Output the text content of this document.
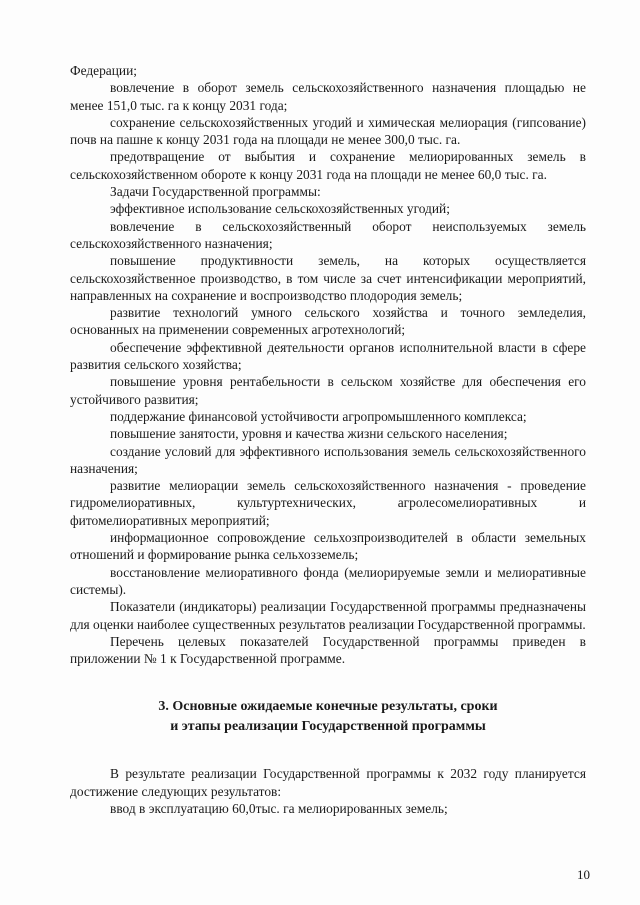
Федерации;

вовлечение в оборот земель сельскохозяйственного назначения площадью не менее 151,0 тыс. га к концу 2031 года;

сохранение сельскохозяйственных угодий и химическая мелиорация (гипсование) почв на пашне к концу 2031 года на площади не менее 300,0 тыс. га.

предотвращение от выбытия и сохранение мелиорированных земель в сельскохозяйственном обороте к концу 2031 года на площади не менее 60,0 тыс. га.

Задачи Государственной программы:

эффективное использование сельскохозяйственных угодий;

вовлечение в сельскохозяйственный оборот неиспользуемых земель сельскохозяйственного назначения;

повышение продуктивности земель, на которых осуществляется сельскохозяйственное производство, в том числе за счет интенсификации мероприятий, направленных на сохранение и воспроизводство плодородия земель;

развитие технологий умного сельского хозяйства и точного земледелия, основанных на применении современных агротехнологий;

обеспечение эффективной деятельности органов исполнительной власти в сфере развития сельского хозяйства;

повышение уровня рентабельности в сельском хозяйстве для обеспечения его устойчивого развития;

поддержание финансовой устойчивости агропромышленного комплекса;

повышение занятости, уровня и качества жизни сельского населения;

создание условий для эффективного использования земель сельскохозяйственного назначения;

развитие мелиорации земель сельскохозяйственного назначения - проведение гидромелиоративных, культуртехнических, агролесомелиоративных и фитомелиоративных мероприятий;

информационное сопровождение сельхозпроизводителей в области земельных отношений и формирование рынка сельхозземель;

восстановление мелиоративного фонда (мелиорируемые земли и мелиоративные системы).

Показатели (индикаторы) реализации Государственной программы предназначены для оценки наиболее существенных результатов реализации Государственной программы.

Перечень целевых показателей Государственной программы приведен в приложении № 1 к Государственной программе.

3. Основные ожидаемые конечные результаты, сроки
и этапы реализации Государственной программы

В результате реализации Государственной программы к 2032 году планируется достижение следующих результатов:

ввод в эксплуатацию 60,0тыс. га мелиорированных земель;

10
